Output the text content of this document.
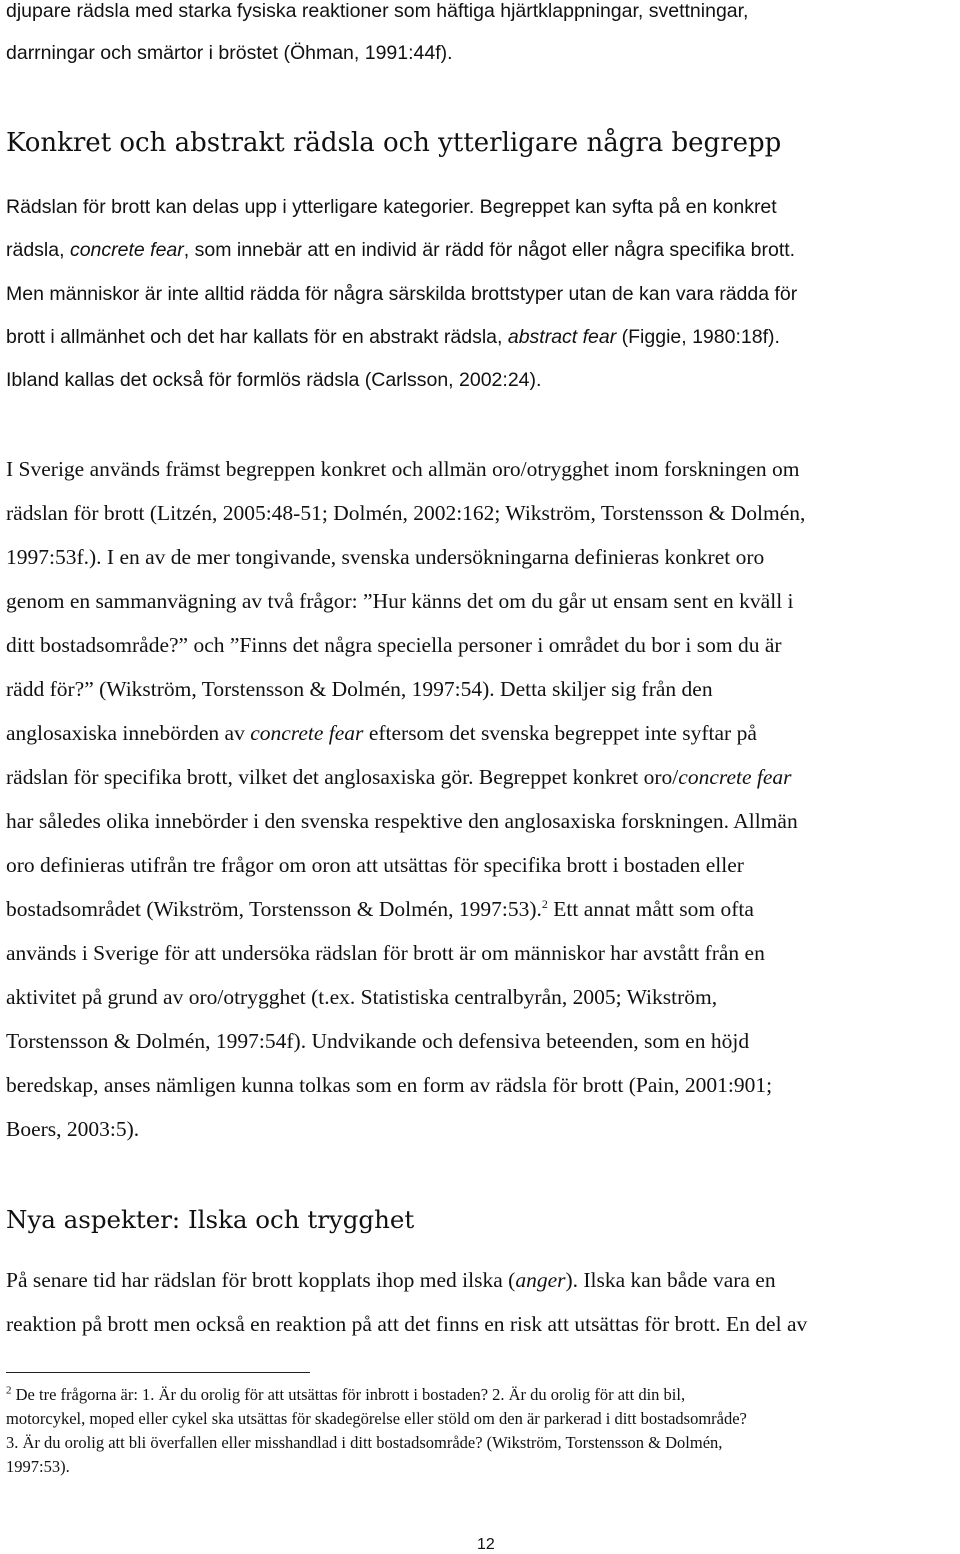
djupare rädsla med starka fysiska reaktioner som häftiga hjärtklappningar, svettningar,
darrningar och smärtor i bröstet (Öhman, 1991:44f).
Konkret och abstrakt rädsla och ytterligare några begrepp
Rädslan för brott kan delas upp i ytterligare kategorier. Begreppet kan syfta på en konkret
rädsla, concrete fear, som innebär att en individ är rädd för något eller några specifika brott.
Men människor är inte alltid rädda för några särskilda brottstyper utan de kan vara rädda för
brott i allmänhet och det har kallats för en abstrakt rädsla, abstract fear (Figgie, 1980:18f).
Ibland kallas det också för formlös rädsla (Carlsson, 2002:24).
I Sverige används främst begreppen konkret och allmän oro/otrygghet inom forskningen om
rädslan för brott (Litzén, 2005:48-51; Dolmén, 2002:162; Wikström, Torstensson & Dolmén,
1997:53f.). I en av de mer tongivande, svenska undersökningarna definieras konkret oro
genom en sammanvägning av två frågor: ”Hur känns det om du går ut ensam sent en kväll i
ditt bostadsområde?” och ”Finns det några speciella personer i området du bor i som du är
rädd för?” (Wikström, Torstensson & Dolmén, 1997:54). Detta skiljer sig från den
anglosaxiska innebörden av concrete fear eftersom det svenska begreppet inte syftar på
rädslan för specifika brott, vilket det anglosaxiska gör. Begreppet konkret oro/concrete fear
har således olika innebörder i den svenska respektive den anglosaxiska forskningen. Allmän
oro definieras utifrån tre frågor om oron att utsättas för specifika brott i bostaden eller
bostadsområdet (Wikström, Torstensson & Dolmén, 1997:53).$^2$ Ett annat mått som ofta
används i Sverige för att undersöka rädslan för brott är om människor har avstått från en
aktivitet på grund av oro/otrygghet (t.ex. Statistiska centralbyrån, 2005; Wikström,
Torstensson & Dolmén, 1997:54f). Undvikande och defensiva beteenden, som en höjd
beredskap, anses nämligen kunna tolkas som en form av rädsla för brott (Pain, 2001:901;
Boers, 2003:5).
Nya aspekter: Ilska och trygghet
På senare tid har rädslan för brott kopplats ihop med ilska (anger). Ilska kan både vara en
reaktion på brott men också en reaktion på att det finns en risk att utsättas för brott. En del av
$^2$ De tre frågorna är: 1. Är du orolig för att utsättas för inbrott i bostaden? 2. Är du orolig för att din bil,
motorcykel, moped eller cykel ska utsättas för skadegörelse eller stöld om den är parkerad i ditt bostadsområde?
3. Är du orolig att bli överfallen eller misshandlad i ditt bostadsområde? (Wikström, Torstensson & Dolmén,
1997:53).
12
